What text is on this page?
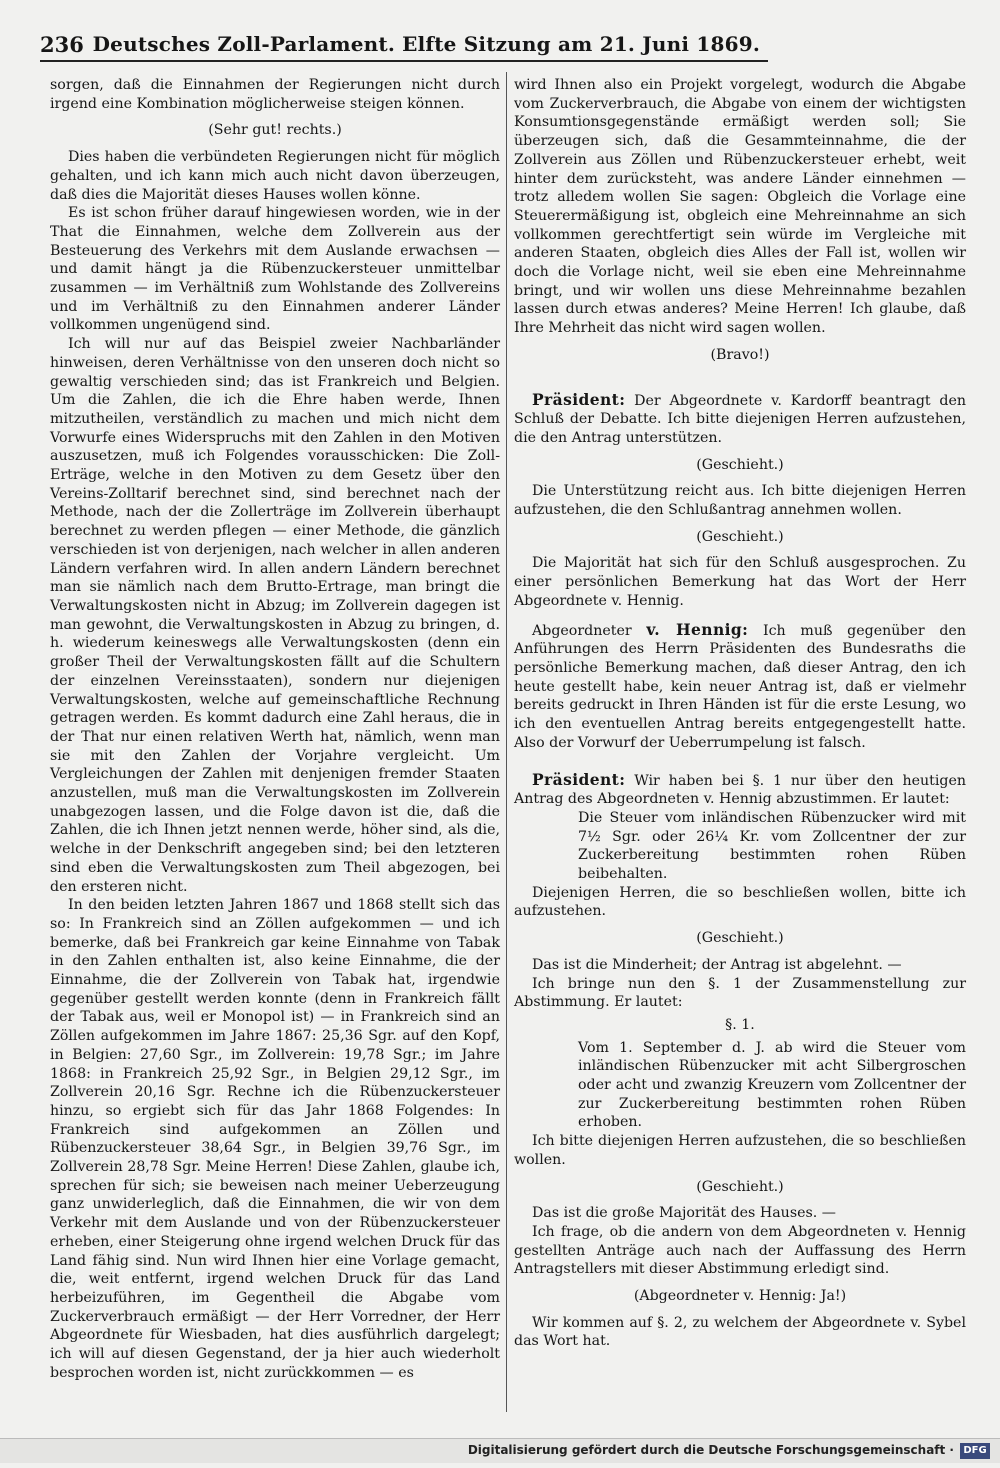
236 Deutsches Zoll-Parlament. Elfte Sitzung am 21. Juni 1869.

sorgen, daß die Einnahmen der Regierungen nicht durch irgend eine Kombination möglicherweise steigen können.

(Sehr gut! rechts.)

Dies haben die verbündeten Regierungen nicht für möglich gehalten, und ich kann mich auch nicht davon überzeugen, daß dies die Majorität dieses Hauses wollen könne.

Es ist schon früher darauf hingewiesen worden, wie in der That die Einnahmen, welche dem Zollverein aus der Besteuerung des Verkehrs mit dem Auslande erwachsen — und damit hängt ja die Rübenzuckersteuer unmittelbar zusammen — im Verhältniß zum Wohlstande des Zollvereins und im Verhältniß zu den Einnahmen anderer Länder vollkommen ungenügend sind.

Ich will nur auf das Beispiel zweier Nachbarländer hinweisen, deren Verhältnisse von den unseren doch nicht so gewaltig verschieden sind; das ist Frankreich und Belgien. Um die Zahlen, die ich die Ehre haben werde, Ihnen mitzutheilen, verständlich zu machen und mich nicht dem Vorwurfe eines Widerspruchs mit den Zahlen in den Motiven auszusetzen, muß ich Folgendes vorausschicken: Die Zoll-Erträge, welche in den Motiven zu dem Gesetz über den Vereins-Zolltarif berechnet sind, sind berechnet nach der Methode, nach der die Zollerträge im Zollverein überhaupt berechnet zu werden pflegen — einer Methode, die gänzlich verschieden ist von derjenigen, nach welcher in allen anderen Ländern verfahren wird. In allen andern Ländern berechnet man sie nämlich nach dem Brutto-Ertrage, man bringt die Verwaltungskosten nicht in Abzug; im Zollverein dagegen ist man gewohnt, die Verwaltungskosten in Abzug zu bringen, d. h. wiederum keineswegs alle Verwaltungskosten (denn ein großer Theil der Verwaltungskosten fällt auf die Schultern der einzelnen Vereinsstaaten), sondern nur diejenigen Verwaltungskosten, welche auf gemeinschaftliche Rechnung getragen werden. Es kommt dadurch eine Zahl heraus, die in der That nur einen relativen Werth hat, nämlich, wenn man sie mit den Zahlen der Vorjahre vergleicht. Um Vergleichungen der Zahlen mit denjenigen fremder Staaten anzustellen, muß man die Verwaltungskosten im Zollverein unabgezogen lassen, und die Folge davon ist die, daß die Zahlen, die ich Ihnen jetzt nennen werde, höher sind, als die, welche in der Denkschrift angegeben sind; bei den letzteren sind eben die Verwaltungskosten zum Theil abgezogen, bei den ersteren nicht.

In den beiden letzten Jahren 1867 und 1868 stellt sich das so: In Frankreich sind an Zöllen aufgekommen — und ich bemerke, daß bei Frankreich gar keine Einnahme von Tabak in den Zahlen enthalten ist, also keine Einnahme, die der Einnahme, die der Zollverein von Tabak hat, irgendwie gegenüber gestellt werden konnte (denn in Frankreich fällt der Tabak aus, weil er Monopol ist) — in Frankreich sind an Zöllen aufgekommen im Jahre 1867: 25,36 Sgr. auf den Kopf, in Belgien: 27,60 Sgr., im Zollverein: 19,78 Sgr.; im Jahre 1868: in Frankreich 25,92 Sgr., in Belgien 29,12 Sgr., im Zollverein 20,16 Sgr. Rechne ich die Rübenzuckersteuer hinzu, so ergiebt sich für das Jahr 1868 Folgendes: In Frankreich sind aufgekommen an Zöllen und Rübenzuckersteuer 38,64 Sgr., in Belgien 39,76 Sgr., im Zollverein 28,78 Sgr. Meine Herren! Diese Zahlen, glaube ich, sprechen für sich; sie beweisen nach meiner Ueberzeugung ganz unwiderleglich, daß die Einnahmen, die wir von dem Verkehr mit dem Auslande und von der Rübenzuckersteuer erheben, einer Steigerung ohne irgend welchen Druck für das Land fähig sind. Nun wird Ihnen hier eine Vorlage gemacht, die, weit entfernt, irgend welchen Druck für das Land herbeizuführen, im Gegentheil die Abgabe vom Zuckerverbrauch ermäßigt — der Herr Vorredner, der Herr Abgeordnete für Wiesbaden, hat dies ausführlich dargelegt; ich will auf diesen Gegenstand, der ja hier auch wiederholt besprochen worden ist, nicht zurückkommen — es

wird Ihnen also ein Projekt vorgelegt, wodurch die Abgabe vom Zuckerverbrauch, die Abgabe von einem der wichtigsten Konsumtionsgegenstände ermäßigt werden soll; Sie überzeugen sich, daß die Gesammteinnahme, die der Zollverein aus Zöllen und Rübenzuckersteuer erhebt, weit hinter dem zurücksteht, was andere Länder einnehmen — trotz alledem wollen Sie sagen: Obgleich die Vorlage eine Steuerermäßigung ist, obgleich eine Mehreinnahme an sich vollkommen gerechtfertigt sein würde im Vergleiche mit anderen Staaten, obgleich dies Alles der Fall ist, wollen wir doch die Vorlage nicht, weil sie eben eine Mehreinnahme bringt, und wir wollen uns diese Mehreinnahme bezahlen lassen durch etwas anderes? Meine Herren! Ich glaube, daß Ihre Mehrheit das nicht wird sagen wollen.

(Bravo!)

Präsident: Der Abgeordnete v. Kardorff beantragt den Schluß der Debatte. Ich bitte diejenigen Herren aufzustehen, die den Antrag unterstützen.

(Geschieht.)

Die Unterstützung reicht aus. Ich bitte diejenigen Herren aufzustehen, die den Schlußantrag annehmen wollen.

(Geschieht.)

Die Majorität hat sich für den Schluß ausgesprochen. Zu einer persönlichen Bemerkung hat das Wort der Herr Abgeordnete v. Hennig.

Abgeordneter v. Hennig: Ich muß gegenüber den Anführungen des Herrn Präsidenten des Bundesraths die persönliche Bemerkung machen, daß dieser Antrag, den ich heute gestellt habe, kein neuer Antrag ist, daß er vielmehr bereits gedruckt in Ihren Händen ist für die erste Lesung, wo ich den eventuellen Antrag bereits entgegengestellt hatte. Also der Vorwurf der Ueberrumpelung ist falsch.

Präsident: Wir haben bei §. 1 nur über den heutigen Antrag des Abgeordneten v. Hennig abzustimmen. Er lautet:

Die Steuer vom inländischen Rübenzucker wird mit 7½ Sgr. oder 26¼ Kr. vom Zollcentner der zur Zuckerbereitung bestimmten rohen Rüben beibehalten.

Diejenigen Herren, die so beschließen wollen, bitte ich aufzustehen.

(Geschieht.)

Das ist die Minderheit; der Antrag ist abgelehnt. —

Ich bringe nun den §. 1 der Zusammenstellung zur Abstimmung. Er lautet:

§. 1.

Vom 1. September d. J. ab wird die Steuer vom inländischen Rübenzucker mit acht Silbergroschen oder acht und zwanzig Kreuzern vom Zollcentner der zur Zuckerbereitung bestimmten rohen Rüben erhoben.

Ich bitte diejenigen Herren aufzustehen, die so beschließen wollen.

(Geschieht.)

Das ist die große Majorität des Hauses. —

Ich frage, ob die andern von dem Abgeordneten v. Hennig gestellten Anträge auch nach der Auffassung des Herrn Antragstellers mit dieser Abstimmung erledigt sind.

(Abgeordneter v. Hennig: Ja!)

Wir kommen auf §. 2, zu welchem der Abgeordnete v. Sybel das Wort hat.

Digitalisierung gefördert durch die Deutsche Forschungsgemeinschaft · DFG
